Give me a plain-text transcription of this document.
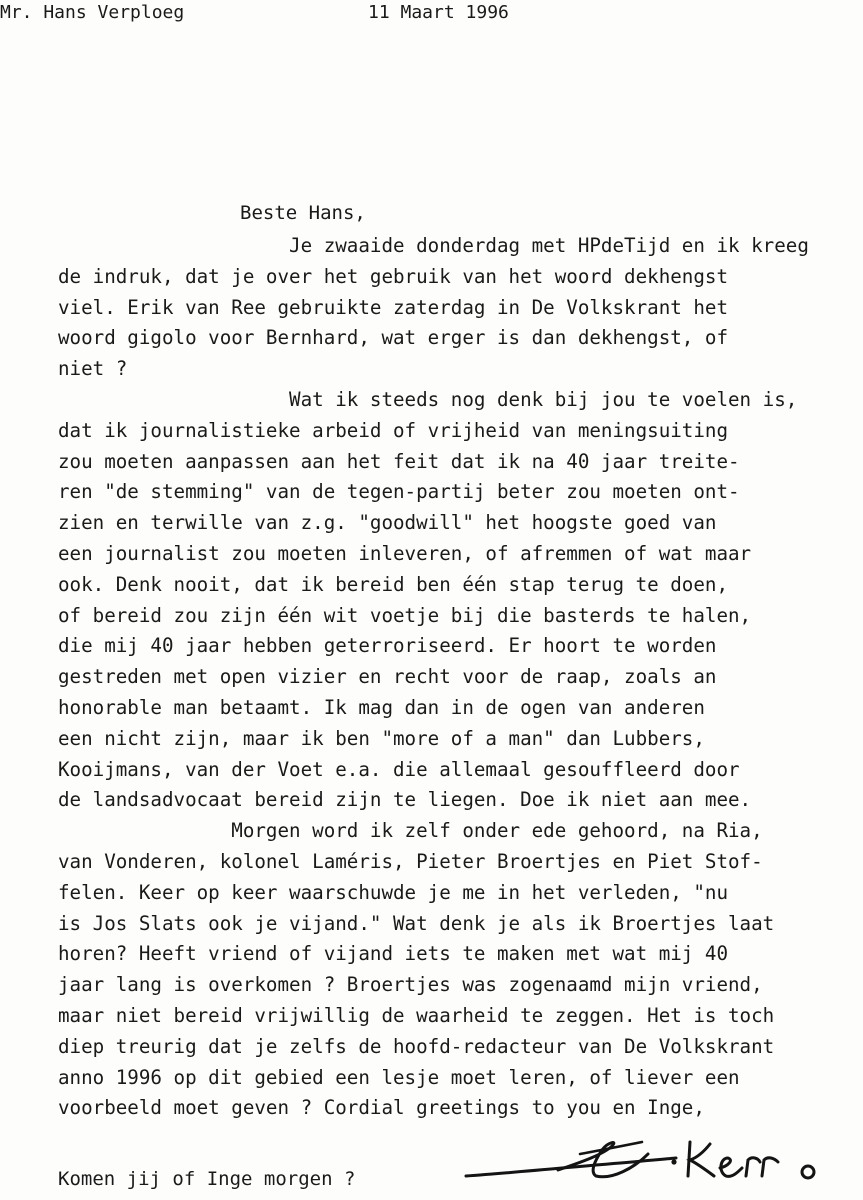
Mr. Hans Verploeg	11 Maart 1996
Beste Hans,
Je zwaaide donderdag met HPdeTijd en ik kreeg
de indruk, dat je over het gebruik van het woord dekhengst
viel. Erik van Ree gebruikte zaterdag in De Volkskrant het
woord gigolo voor Bernhard, wat erger is dan dekhengst, of
niet ?
Wat ik steeds nog denk bij jou te voelen is,
dat ik journalistieke arbeid of vrijheid van meningsuiting
zou moeten aanpassen aan het feit dat ik na 40 jaar treite-
ren "de stemming" van de tegen-partij beter zou moeten ont-
zien en terwille van z.g. "goodwill" het hoogste goed van
een journalist zou moeten inleveren, of afremmen of wat maar
ook. Denk nooit, dat ik bereid ben één stap terug te doen,
of bereid zou zijn één wit voetje bij die basterds te halen,
die mij 40 jaar hebben geterroriseerd. Er hoort te worden
gestreden met open vizier en recht voor de raap, zoals an
honorable man betaamt. Ik mag dan in de ogen van anderen
een nicht zijn, maar ik ben "more of a man" dan Lubbers,
Kooijmans, van der Voet e.a. die allemaal gesouffleerd door
de landsadvocaat bereid zijn te liegen. Doe ik niet aan mee.
Morgen word ik zelf onder ede gehoord, na Ria,
van Vonderen, kolonel Laméris, Pieter Broertjes en Piet Stof-
felen. Keer op keer waarschuwde je me in het verleden, "nu
is Jos Slats ook je vijand." Wat denk je als ik Broertjes laat
horen? Heeft vriend of vijand iets te maken met wat mij 40
jaar lang is overkomen ? Broertjes was zogenaamd mijn vriend,
maar niet bereid vrijwillig de waarheid te zeggen. Het is toch
diep treurig dat je zelfs de hoofd-redacteur van De Volkskrant
anno 1996 op dit gebied een lesje moet leren, of liever een
voorbeeld moet geven ? Cordial greetings to you en Inge,
Komen jij of Inge morgen ?
